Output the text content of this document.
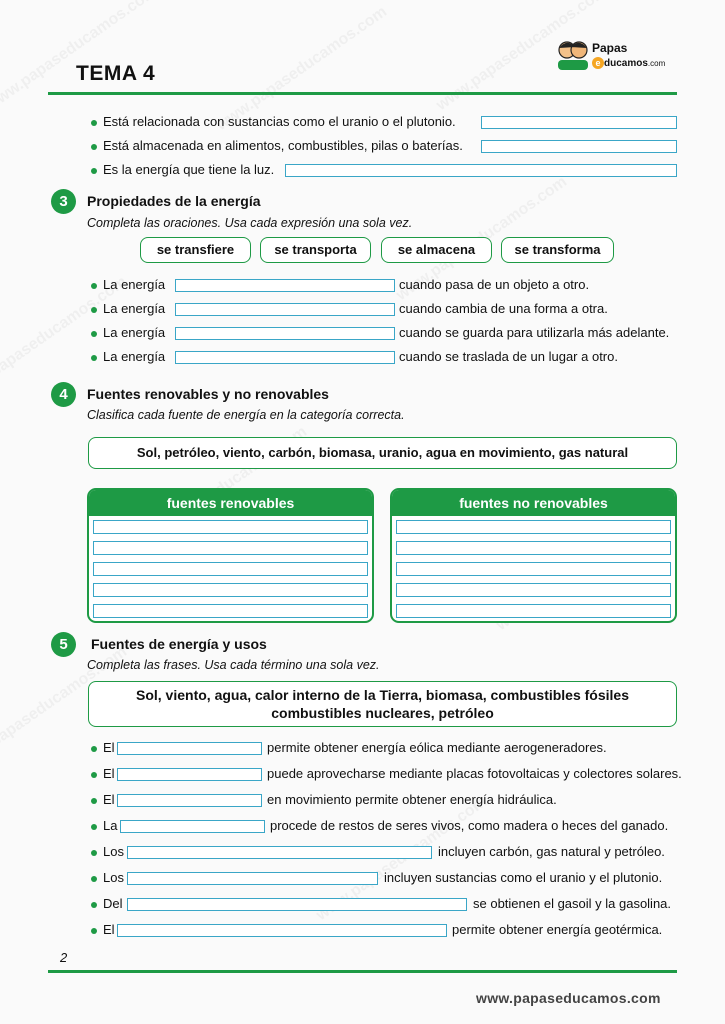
TEMA 4
Papas
e ducamos.com
Está relacionada con sustancias como el uranio o el plutonio.
Está almacenada en alimentos, combustibles, pilas o baterías.
Es la energía que tiene la luz.
3	Propiedades de la energía
Completa las oraciones. Usa cada expresión una sola vez.
se transfiere	se transporta	se almacena	se transforma
La energía	cuando pasa de un objeto a otro.
La energía	cuando cambia de una forma a otra.
La energía	cuando se guarda para utilizarla más adelante.
La energía	cuando se traslada de un lugar a otro.
4	Fuentes renovables y no renovables
Clasifica cada fuente de energía en la categoría correcta.
Sol, petróleo, viento, carbón, biomasa, uranio, agua en movimiento, gas natural
fuentes renovables	fuentes no renovables
5	Fuentes de energía y usos
Completa las frases. Usa cada término una sola vez.
Sol, viento, agua, calor interno de la Tierra, biomasa, combustibles fósiles
combustibles nucleares, petróleo
El	permite obtener energía eólica mediante aerogeneradores.
El	puede aprovecharse mediante placas fotovoltaicas y colectores solares.
El	en movimiento permite obtener energía hidráulica.
La	procede de restos de seres vivos, como madera o heces del ganado.
Los	incluyen carbón, gas natural y petróleo.
Los	incluyen sustancias como el uranio y el plutonio.
Del	se obtienen el gasoil y la gasolina.
El	permite obtener energía geotérmica.
2
www.papaseducamos.com
